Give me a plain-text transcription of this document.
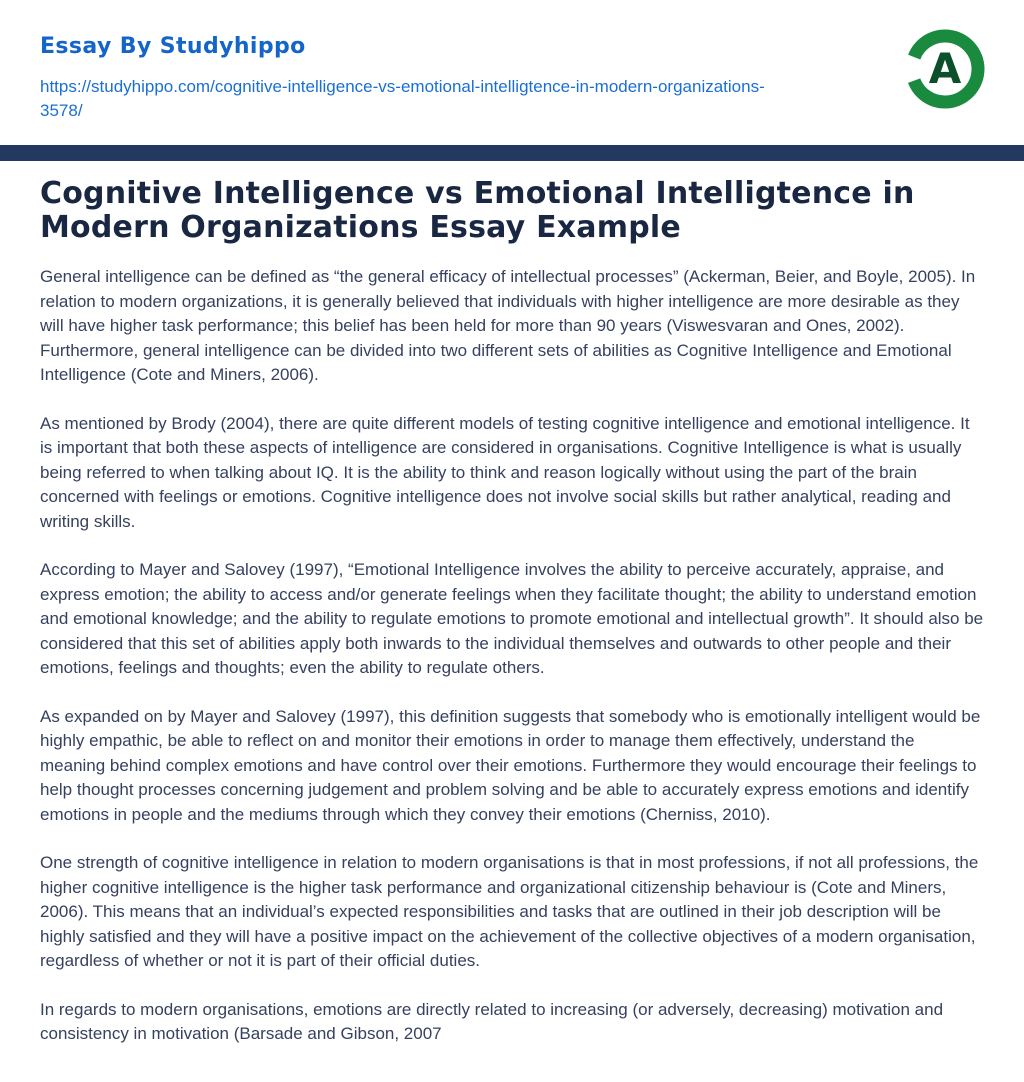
Essay By Studyhippo
https://studyhippo.com/cognitive-intelligence-vs-emotional-intelligtence-in-modern-organizations-3578/
A
Cognitive Intelligence vs Emotional Intelligtence in Modern Organizations Essay Example

General intelligence can be defined as “the general efficacy of intellectual processes” (Ackerman, Beier, and Boyle, 2005). In relation to modern organizations, it is generally believed that individuals with higher intelligence are more desirable as they will have higher task performance; this belief has been held for more than 90 years (Viswesvaran and Ones, 2002). Furthermore, general intelligence can be divided into two different sets of abilities as Cognitive Intelligence and Emotional Intelligence (Cote and Miners, 2006).

As mentioned by Brody (2004), there are quite different models of testing cognitive intelligence and emotional intelligence. It is important that both these aspects of intelligence are considered in organisations. Cognitive Intelligence is what is usually being referred to when talking about IQ. It is the ability to think and reason logically without using the part of the brain concerned with feelings or emotions. Cognitive intelligence does not involve social skills but rather analytical, reading and writing skills.

According to Mayer and Salovey (1997), “Emotional Intelligence involves the ability to perceive accurately, appraise, and express emotion; the ability to access and/or generate feelings when they facilitate thought; the ability to understand emotion and emotional knowledge; and the ability to regulate emotions to promote emotional and intellectual growth”. It should also be considered that this set of abilities apply both inwards to the individual themselves and outwards to other people and their emotions, feelings and thoughts; even the ability to regulate others.

As expanded on by Mayer and Salovey (1997), this definition suggests that somebody who is emotionally intelligent would be highly empathic, be able to reflect on and monitor their emotions in order to manage them effectively, understand the meaning behind complex emotions and have control over their emotions. Furthermore they would encourage their feelings to help thought processes concerning judgement and problem solving and be able to accurately express emotions and identify emotions in people and the mediums through which they convey their emotions (Cherniss, 2010).

One strength of cognitive intelligence in relation to modern organisations is that in most professions, if not all professions, the higher cognitive intelligence is the higher task performance and organizational citizenship behaviour is (Cote and Miners, 2006). This means that an individual’s expected responsibilities and tasks that are outlined in their job description will be highly satisfied and they will have a positive impact on the achievement of the collective objectives of a modern organisation, regardless of whether or not it is part of their official duties.

In regards to modern organisations, emotions are directly related to increasing (or adversely, decreasing) motivation and consistency in motivation (Barsade and Gibson, 2007
